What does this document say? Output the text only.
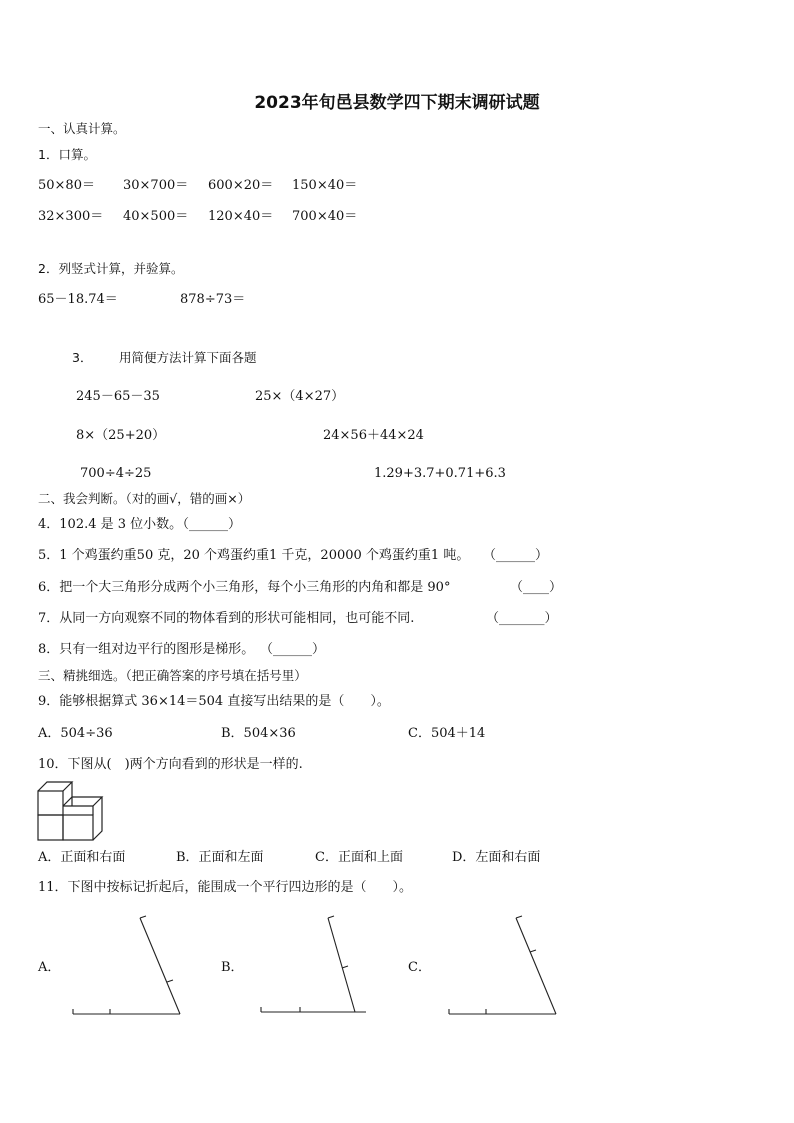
2023年旬邑县数学四下期末调研试题
一、认真计算。
1．口算。
50×80＝ 30×700＝ 600×20＝ 150×40＝
32×300＝ 40×500＝ 120×40＝ 700×40＝
2．列竖式计算，并验算。
65－18.74＝	878÷73＝
3． 用简便方法计算下面各题
245－65－35	25×（4×27）
8×（25+20）	24×56＋44×24
700÷4÷25	1.29+3.7+0.71+6.3
二、我会判断。（对的画√，错的画×）
4．102.4 是 3 位小数。
（______）
5．1 个鸡蛋约重50 克，20 个鸡蛋约重1 千克，20000 个鸡蛋约重1 吨。 （______）
6．把一个大三角形分成两个小三角形，每个小三角形的内角和都是 90°	（____）
7．从同一方向观察不同的物体看到的形状可能相同，也可能不同.	（_______）
8．只有一组对边平行的图形是梯形。 （______）
三、精挑细选。（把正确答案的序号填在括号里）
9．能够根据算式 36×14＝504 直接写出结果的是（　　）。
A．504÷36	B．504×36	C．504＋14
10．下图从(　)两个方向看到的形状是一样的.
A．正面和右面	B．正面和左面	C．正面和上面	D．左面和右面
11．下图中按标记折起后，能围成一个平行四边形的是（　　）。
A．	B．	C．
